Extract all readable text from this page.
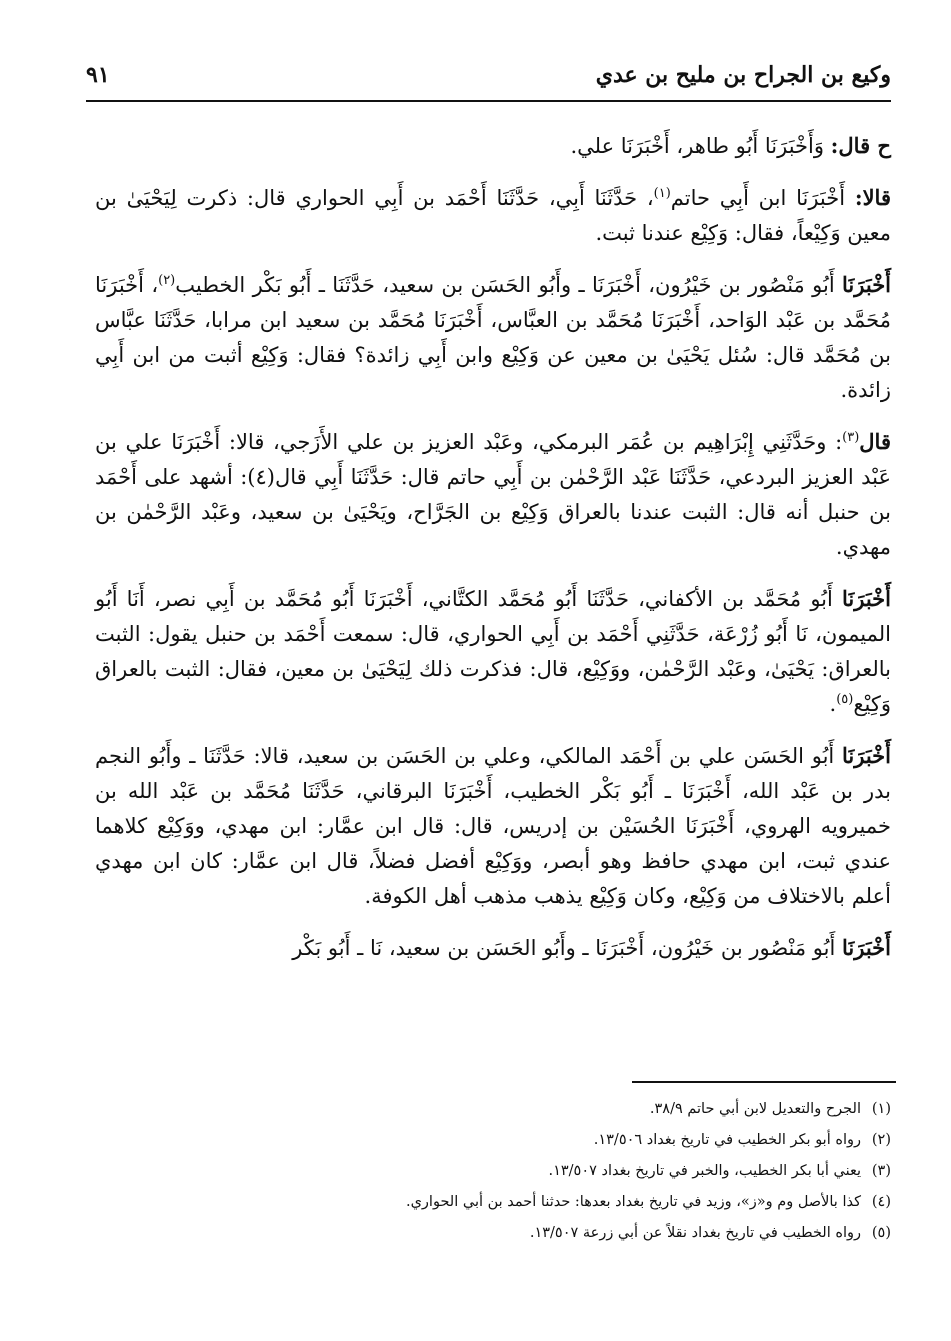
وكيع بن الجراح بن مليح بن عدي
٩١

ح قال: وَأَخْبَرَنَا أَبُو طاهر، أَخْبَرَنَا علي.

قالا: أَخْبَرَنَا ابن أَبِي حاتم$^{(١)}$، حَدَّثَنَا أَبِي، حَدَّثَنَا أَحْمَد بن أَبِي الحواري قال: ذكرت لِيَحْيَىٰ بن معين وَكِيْعاً، فقال: وَكِيْع عندنا ثبت.

أَخْبَرَنَا أَبُو مَنْصُور بن خَيْرُون، أَخْبَرَنَا ـ وأَبُو الحَسَن بن سعيد، حَدَّثَنَا ـ أَبُو بَكْر الخطيب$^{(٢)}$، أَخْبَرَنَا مُحَمَّد بن عَبْد الوَاحد، أَخْبَرَنَا مُحَمَّد بن العبَّاس، أَخْبَرَنَا مُحَمَّد بن سعيد ابن مرابا، حَدَّثَنَا عبَّاس بن مُحَمَّد قال: سُئل يَحْيَىٰ بن معين عن وَكِيْع وابن أَبِي زائدة؟ فقال: وَكِيْع أثبت من ابن أَبِي زائدة.

قال$^{(٣)}$: وحَدَّثَنِي إِبْرَاهِيم بن عُمَر البرمكي، وعَبْد العزيز بن علي الأَزَجي، قالا: أَخْبَرَنَا علي بن عَبْد العزيز البردعي، حَدَّثَنَا عَبْد الرَّحْمٰن بن أَبِي حاتم قال: حَدَّثَنَا أَبِي قال(٤): أشهد على أَحْمَد بن حنبل أنه قال: الثبت عندنا بالعراق وَكِيْع بن الجَرَّاح، ويَحْيَىٰ بن سعيد، وعَبْد الرَّحْمٰن بن مهدي.

أَخْبَرَنَا أَبُو مُحَمَّد بن الأكفاني، حَدَّثَنَا أَبُو مُحَمَّد الكتَّاني، أَخْبَرَنَا أَبُو مُحَمَّد بن أَبِي نصر، أَنَا أَبُو الميمون، نَا أَبُو زُرْعَة، حَدَّثَنِي أَحْمَد بن أَبِي الحواري، قال: سمعت أَحْمَد بن حنبل يقول: الثبت بالعراق: يَحْيَىٰ، وعَبْد الرَّحْمٰن، ووَكِيْع، قال: فذكرت ذلك لِيَحْيَىٰ بن معين، فقال: الثبت بالعراق وَكِيْع$^{(٥)}$.

أَخْبَرَنَا أَبُو الحَسَن علي بن أَحْمَد المالكي، وعلي بن الحَسَن بن سعيد، قالا: حَدَّثَنَا ـ وأَبُو النجم بدر بن عَبْد الله، أَخْبَرَنَا ـ أَبُو بَكْر الخطيب، أَخْبَرَنَا البرقاني، حَدَّثَنَا مُحَمَّد بن عَبْد الله بن خميرويه الهروي، أَخْبَرَنَا الحُسَيْن بن إدريس، قال: قال ابن عمَّار: ابن مهدي، ووَكِيْع كلاهما عندي ثبت، ابن مهدي حافظ وهو أبصر، ووَكِيْع أفضل فضلاً، قال ابن عمَّار: كان ابن مهدي أعلم بالاختلاف من وَكِيْع، وكان وَكِيْع يذهب مذهب أهل الكوفة.

أَخْبَرَنَا أَبُو مَنْصُور بن خَيْرُون، أَخْبَرَنَا ـ وأَبُو الحَسَن بن سعيد، نَا ـ أَبُو بَكْر

(١)الجرح والتعديل لابن أبي حاتم ٣٨/٩.
(٢)رواه أبو بكر الخطيب في تاريخ بغداد ١٣/٥٠٦.
(٣)يعني أبا بكر الخطيب، والخبر في تاريخ بغداد ١٣/٥٠٧.
(٤)كذا بالأصل وم و«ز»، وزيد في تاريخ بغداد بعدها: حدثنا أحمد بن أبي الحواري.
(٥)رواه الخطيب في تاريخ بغداد نقلاً عن أبي زرعة ١٣/٥٠٧.
